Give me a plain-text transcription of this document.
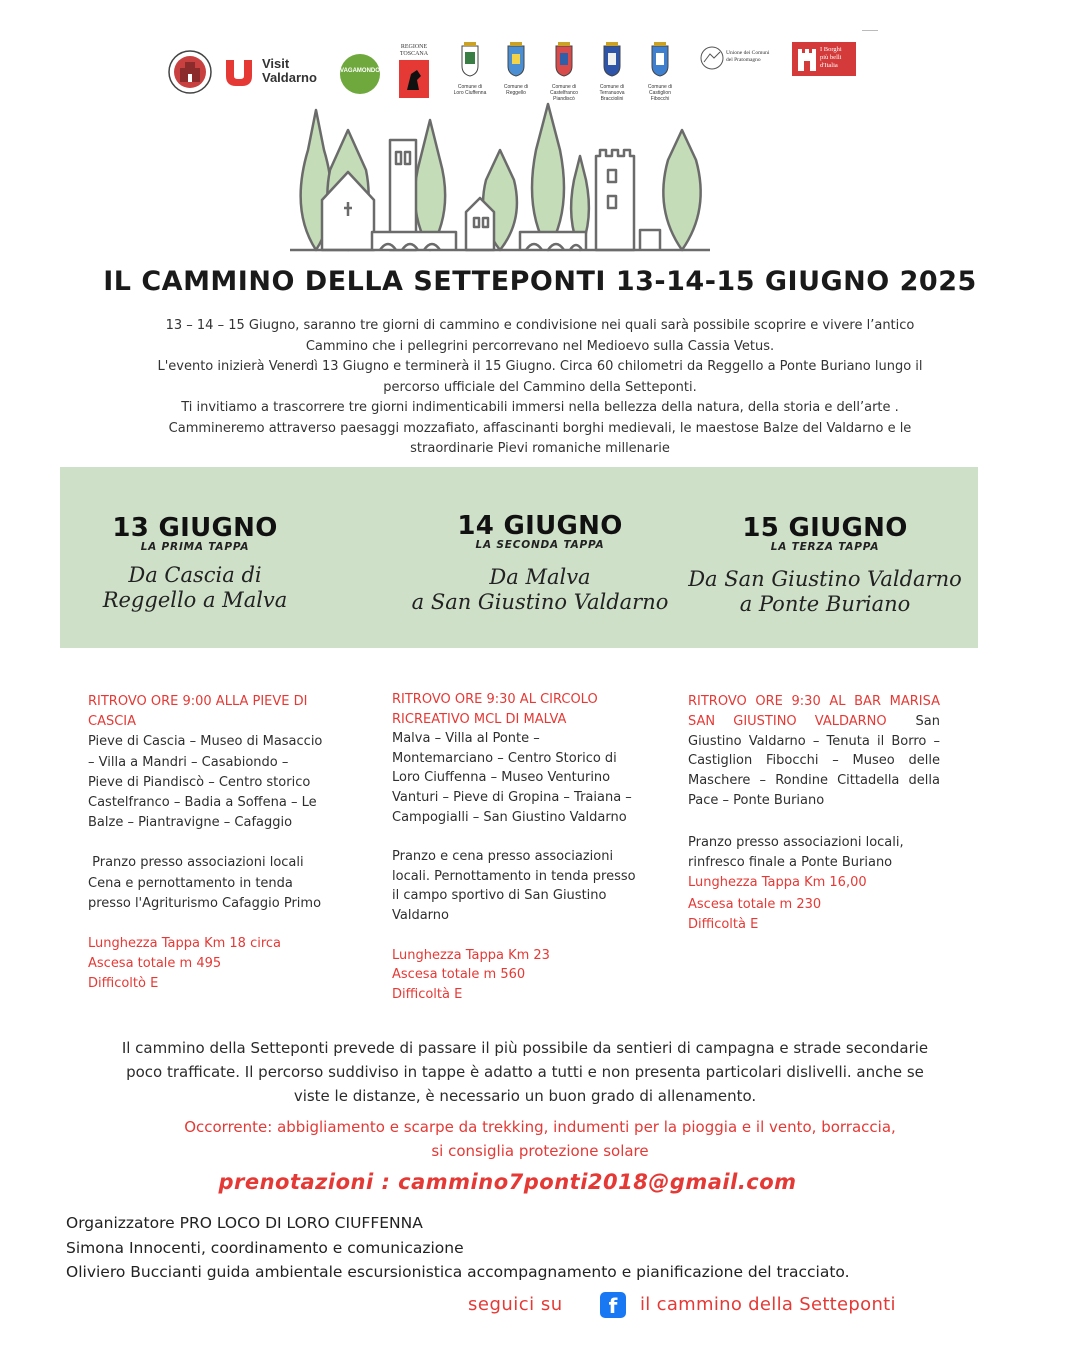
Visit
Valdarno	VAGAMONDO
REGIONE
TOSCANA
Comune di
Loro Ciuffenna
Comune di
Reggello
Comune di
Castelfranco
Piandiscò
Comune di
Terranuova
Bracciolini
Comune di
Castiglion
Fibocchi
Unione dei Comuni
del Pratomagno
I Borghi
più belli
d'Italia
IL CAMMINO DELLA SETTEPONTI 13-14-15 GIUGNO 2025

13 – 14 – 15 Giugno, saranno tre giorni di cammino e condivisione nei quali sarà possibile scoprire e vivere l’antico

Cammino che i pellegrini percorrevano nel Medioevo sulla Cassia Vetus.

L'evento inizierà Venerdì 13 Giugno e terminerà il 15 Giugno. Circa 60 chilometri da Reggello a Ponte Buriano lungo il

percorso ufficiale del Cammino della Setteponti.

Ti invitiamo a trascorrere tre giorni indimenticabili immersi nella bellezza della natura, della storia e dell’arte .

Cammineremo attraverso paesaggi mozzafiato, affascinanti borghi medievali, le maestose Balze del Valdarno e le

straordinarie Pievi romaniche millenarie

13 GIUGNO
LA PRIMA TAPPA
Da Cascia di
Reggello a Malva
14 GIUGNO
LA SECONDA TAPPA
Da Malva
a San Giustino Valdarno
15 GIUGNO
LA TERZA TAPPA
Da San Giustino Valdarno
a Ponte Buriano

RITROVO ORE 9:00 ALLA PIEVE DI

CASCIA

Pieve di Cascia – Museo di Masaccio

– Villa a Mandri – Casabiondo –

Pieve di Piandiscò – Centro storico

Castelfranco – Badia a Soffena – Le

Balze – Piantravigne – Cafaggio

Pranzo presso associazioni locali

Cena e pernottamento in tenda

presso l'Agriturismo Cafaggio Primo

Lunghezza Tappa Km 18 circa

Ascesa totale m 495

Difficoltò E

RITROVO ORE 9:30 AL CIRCOLO

RICREATIVO MCL DI MALVA

Malva – Villa al Ponte –

Montemarciano – Centro Storico di

Loro Ciuffenna – Museo Venturino

Vanturi – Pieve di Gropina – Traiana –

Campogialli – San Giustino Valdarno

Pranzo e cena presso associazioni

locali. Pernottamento in tenda presso

il campo sportivo di San Giustino

Valdarno

Lunghezza Tappa Km 23

Ascesa totale m 560

Difficoltà E

RITROVO ORE 9:30 AL BAR MARISA

SAN GIUSTINO VALDARNO San

Giustino Valdarno – Tenuta il Borro –

Castiglion Fibocchi – Museo delle

Maschere – Rondine Cittadella della

Pace – Ponte Buriano

Pranzo presso associazioni locali,

rinfresco finale a Ponte Buriano

Lunghezza Tappa Km 16,00

Ascesa totale m 230

Difficoltà E

Il cammino della Setteponti prevede di passare il più possibile da sentieri di campagna e strade secondarie

poco trafficate. Il percorso suddiviso in tappe è adatto a tutti e non presenta particolari dislivelli. anche se

viste le distanze, è necessario un buon grado di allenamento.

Occorrente: abbigliamento e scarpe da trekking, indumenti per la pioggia e il vento, borraccia,

si consiglia protezione solare

prenotazioni : cammino7ponti2018@gmail.com

Organizzatore PRO LOCO DI LORO CIUFFENNA

Simona Innocenti, coordinamento e comunicazione

Oliviero Buccianti guida ambientale escursionistica accompagnamento e pianificazione del tracciato.

seguici su	f	il cammino della Setteponti
